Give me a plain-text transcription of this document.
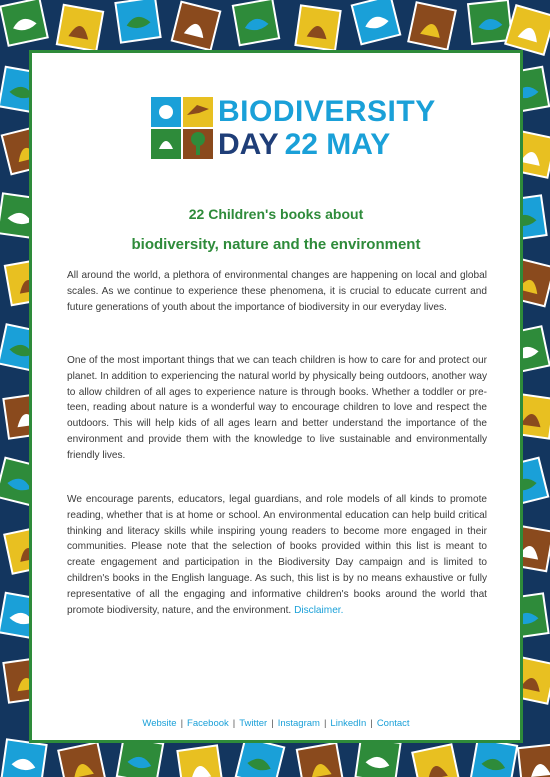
BIODIVERSITY
DAY 22 MAY
22 Children's books about
biodiversity, nature and the environment

All around the world, a plethora of environmental changes are happening on local and global scales. As we continue to experience these phenomena, it is crucial to educate current and future generations of youth about the importance of biodiversity in our everyday lives.

One of the most important things that we can teach children is how to care for and protect our planet. In addition to experiencing the natural world by physically being outdoors, another way to allow children of all ages to experience nature is through books. Whether a toddler or pre-teen, reading about nature is a wonderful way to encourage children to love and respect the outdoors. This will help kids of all ages learn and better understand the importance of the environment and provide them with the knowledge to live sustainable and environmentally friendly lives.

We encourage parents, educators, legal guardians, and role models of all kinds to promote reading, whether that is at home or school. An environmental education can help build critical thinking and literacy skills while inspiring young readers to become more engaged in their communities. Please note that the selection of books provided within this list is meant to create engagement and participation in the Biodiversity Day campaign and is limited to children's books in the English language. As such, this list is by no means exhaustive or fully representative of all the engaging and informative children's books around the world that promote biodiversity, nature, and the environment. Disclaimer.

Website | Facebook | Twitter | Instagram | LinkedIn | Contact
